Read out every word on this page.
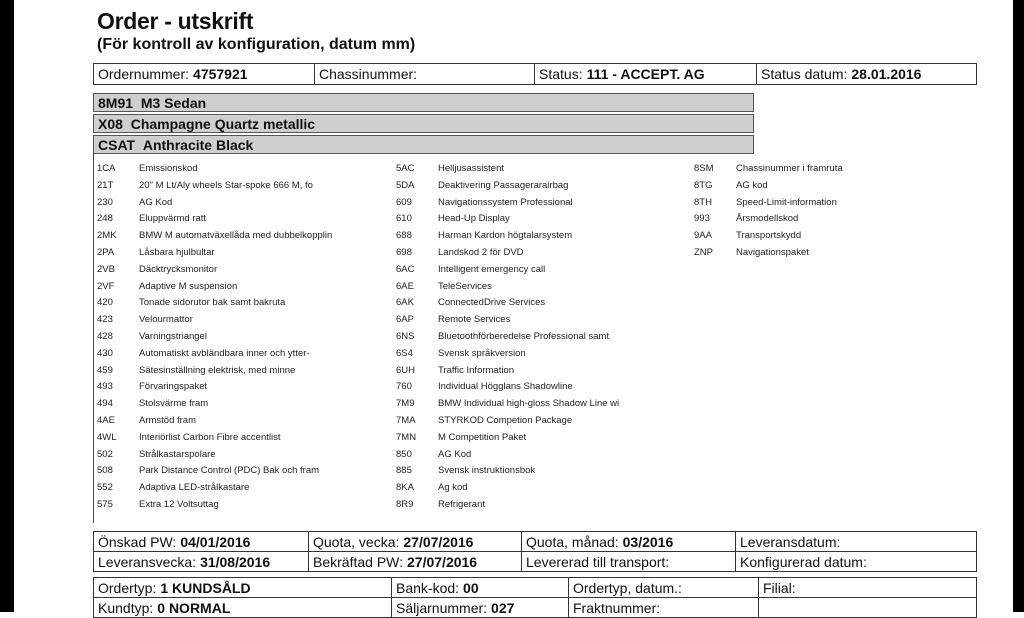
Order - utskrift
(För kontroll av konfiguration, datum mm)
Ordernummer: 4757921	Chassinummer:	Status: 111 - ACCEPT. AG	Status datum: 28.01.2016
8M91
M3 Sedan
X08
Champagne Quartz metallic
CSAT
Anthracite Black
1CA Emissionskod
21T	20" M Lt/Aly wheels Star-spoke 666 M, fo
230	AG Kod
248	Eluppvärmd ratt
2MK BMW M automatväxellåda med dubbelkopplin
2PA	Låsbara hjulbultar
2VB	Däcktrycksmonitor
2VF	Adaptive M suspension
420	Tonade sidorutor bak samt bakruta
423	Velourmattor
428	Varningstriangel
430	Automatiskt avbländbara inner och ytter-
459	Sätesinställning elektrisk, med minne
493	Förvaringspaket
494	Stolsvärme fram
4AE	Armstöd fram
4WL Interiörlist Carbon Fibre accentlist
502	Strålkastarspolare
508	Park Distance Control (PDC) Bak och fram
552	Adaptiva LED-strålkastare
575	Extra 12 Voltsuttag
5AC Helljusassistent
5DA Deaktivering Passagerarairbag
609	Navigationssystem Professional
610	Head-Up Display
688	Harman Kardon högtalarsystem
698	Landskod 2 för DVD
6AC Intelligent emergency call
6AE	TeleServices
6AK	ConnectedDrive Services
6AP	Remote Services
6NS Bluetoothförberedelse Professional samt
6S4	Svensk språkversion
6UH Traffic Information
760	Individual Högglans Shadowline
7M9 BMW Individual high-gloss Shadow Line wi
7MA STYRKOD Competion Package
7MN M Competition Paket
850	AG Kod
885	Svensk instruktionsbok
8KA	Ag kod
8R9	Refrigerant
8SM Chassinummer i framruta
8TG AG kod
8TH	Speed-Limit-information
993	Årsmodellskod
9AA	Transportskydd
ZNP Navigationspaket
Önskad PW: 04/01/2016	Quota, vecka: 27/07/2016	Quota, månad: 03/2016	Leveransdatum:
Leveransvecka: 31/08/2016	Bekräftad PW: 27/07/2016	Levererad till transport:	Konfigurerad datum:
Ordertyp: 1 KUNDSÅLD	Bank-kod: 00	Ordertyp, datum.:	Filial:
Kundtyp: 0 NORMAL	Säljarnummer: 027	Fraktnummer:
